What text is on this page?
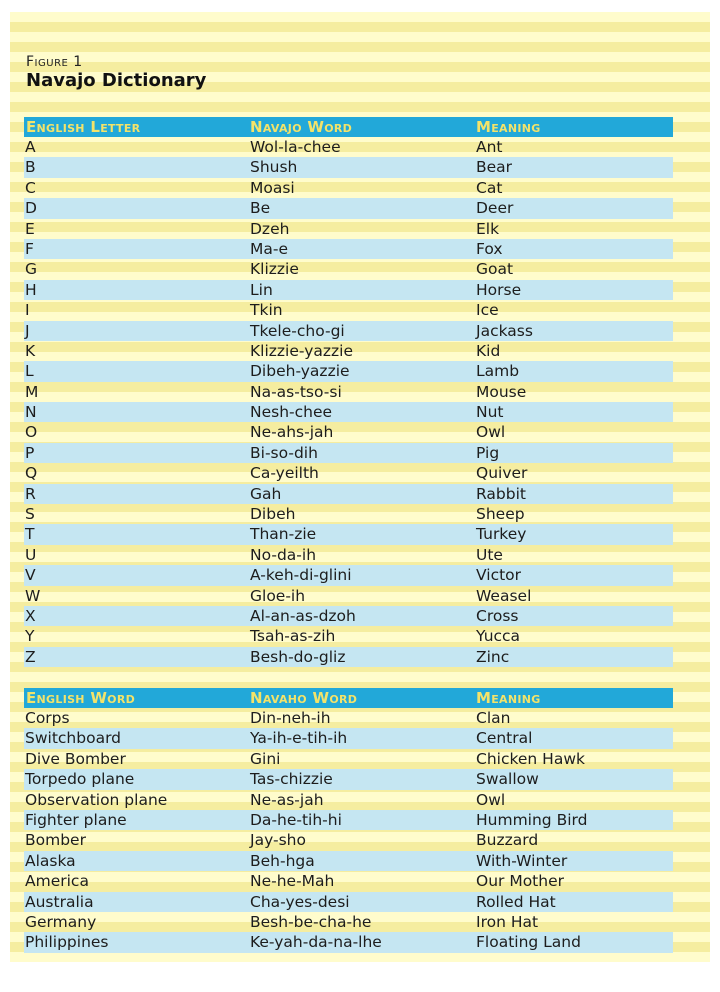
Figure 1
Navajo Dictionary
English Letter	Navajo Word	Meaning
A	Wol-la-chee	Ant
B	Shush	Bear
C	Moasi	Cat
D	Be	Deer
E	Dzeh	Elk
F	Ma-e	Fox
G	Klizzie	Goat
H	Lin	Horse
I	Tkin	Ice
J	Tkele-cho-gi	Jackass
K	Klizzie-yazzie	Kid
L	Dibeh-yazzie	Lamb
M	Na-as-tso-si	Mouse
N	Nesh-chee	Nut
O	Ne-ahs-jah	Owl
P	Bi-so-dih	Pig
Q	Ca-yeilth	Quiver
R	Gah	Rabbit
S	Dibeh	Sheep
T	Than-zie	Turkey
U	No-da-ih	Ute
V	A-keh-di-glini	Victor
W	Gloe-ih	Weasel
X	Al-an-as-dzoh	Cross
Y	Tsah-as-zih	Yucca
Z	Besh-do-gliz	Zinc
English Word	Navaho Word	Meaning
Corps	Din-neh-ih	Clan
Switchboard	Ya-ih-e-tih-ih	Central
Dive Bomber	Gini	Chicken Hawk
Torpedo plane	Tas-chizzie	Swallow
Observation plane	Ne-as-jah	Owl
Fighter plane	Da-he-tih-hi	Humming Bird
Bomber	Jay-sho	Buzzard
Alaska	Beh-hga	With-Winter
America	Ne-he-Mah	Our Mother
Australia	Cha-yes-desi	Rolled Hat
Germany	Besh-be-cha-he	Iron Hat
Philippines	Ke-yah-da-na-lhe	Floating Land
